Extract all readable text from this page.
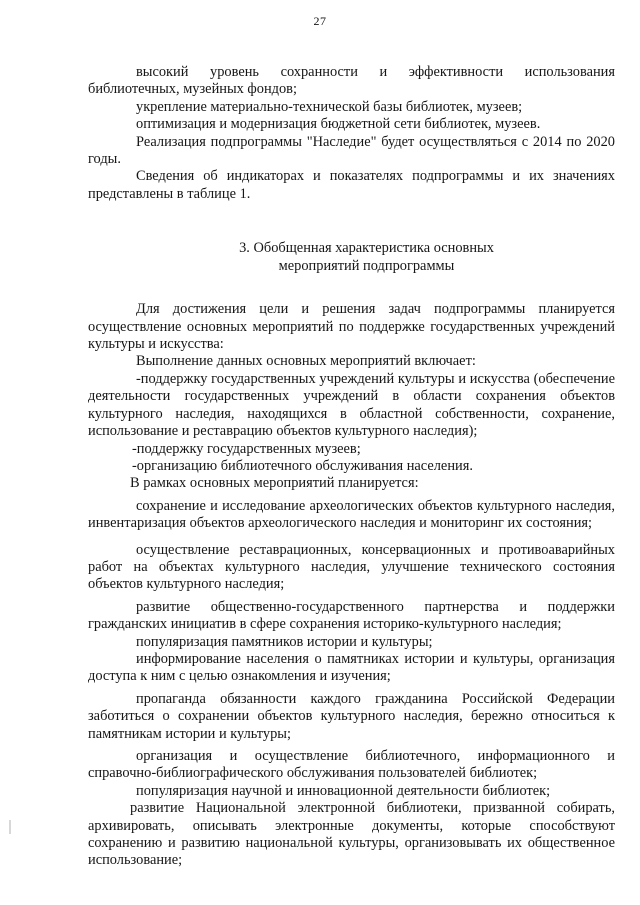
27

высокий уровень сохранности и эффективности использования библиотечных, музейных фондов;

укрепление материально-технической базы библиотек, музеев;

оптимизация и модернизация бюджетной сети библиотек, музеев.

Реализация подпрограммы "Наследие" будет осуществляться с 2014 по 2020 годы.

Сведения об индикаторах и показателях подпрограммы и их значениях представлены в таблице 1.

3. Обобщенная характеристика основных
мероприятий подпрограммы

Для достижения цели и решения задач подпрограммы планируется осуществление основных мероприятий по поддержке государственных учреждений культуры и искусства:

Выполнение данных основных мероприятий включает:

-поддержку государственных учреждений культуры и искусства (обеспечение деятельности государственных учреждений в области сохранения объектов культурного наследия, находящихся в областной собственности, сохранение, использование и реставрацию объектов культурного наследия);

-поддержку государственных музеев;

-организацию библиотечного обслуживания населения.

В рамках основных мероприятий планируется:

сохранение и исследование археологических объектов культурного наследия, инвентаризация объектов археологического наследия и мониторинг их состояния;

осуществление реставрационных, консервационных и противоаварийных работ на объектах культурного наследия, улучшение технического состояния объектов культурного наследия;

развитие общественно-государственного партнерства и поддержки гражданских инициатив в сфере сохранения историко-культурного наследия;

популяризация памятников истории и культуры;

информирование населения о памятниках истории и культуры, организация доступа к ним с целью ознакомления и изучения;

пропаганда обязанности каждого гражданина Российской Федерации заботиться о сохранении объектов культурного наследия, бережно относиться к памятникам истории и культуры;

организация и осуществление библиотечного, информационного и справочно-библиографического обслуживания пользователей библиотек;

популяризация научной и инновационной деятельности библиотек;

развитие Национальной электронной библиотеки, призванной собирать, архивировать, описывать электронные документы, которые способствуют сохранению и развитию национальной культуры, организовывать их общественное использование;
